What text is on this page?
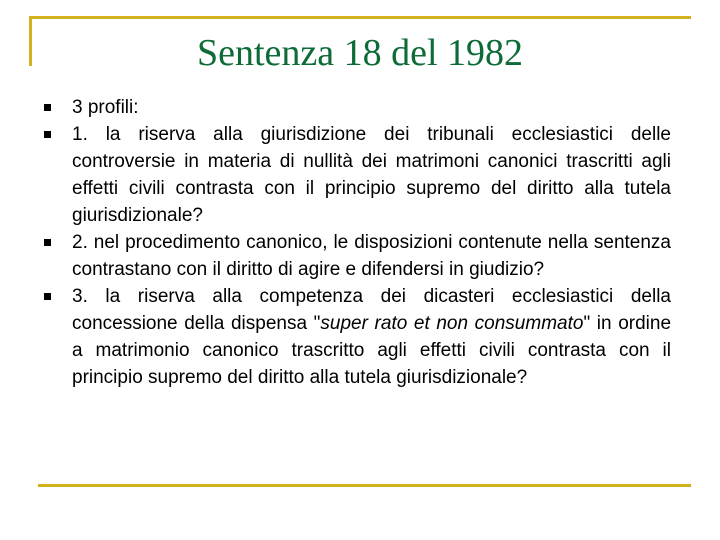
Sentenza 18 del 1982
3 profili:
1. la riserva alla giurisdizione dei tribunali ecclesiastici delle controversie in materia di nullità dei matrimoni canonici trascritti agli effetti civili contrasta con il principio supremo del diritto alla tutela giurisdizionale?
2. nel procedimento canonico, le disposizioni contenute nella sentenza contrastano con il diritto di agire e difendersi in giudizio?
3. la riserva alla competenza dei dicasteri ecclesiastici della concessione della dispensa "super rato et non consummato" in ordine a matrimonio canonico trascritto agli effetti civili contrasta con il principio supremo del diritto alla tutela giurisdizionale?
